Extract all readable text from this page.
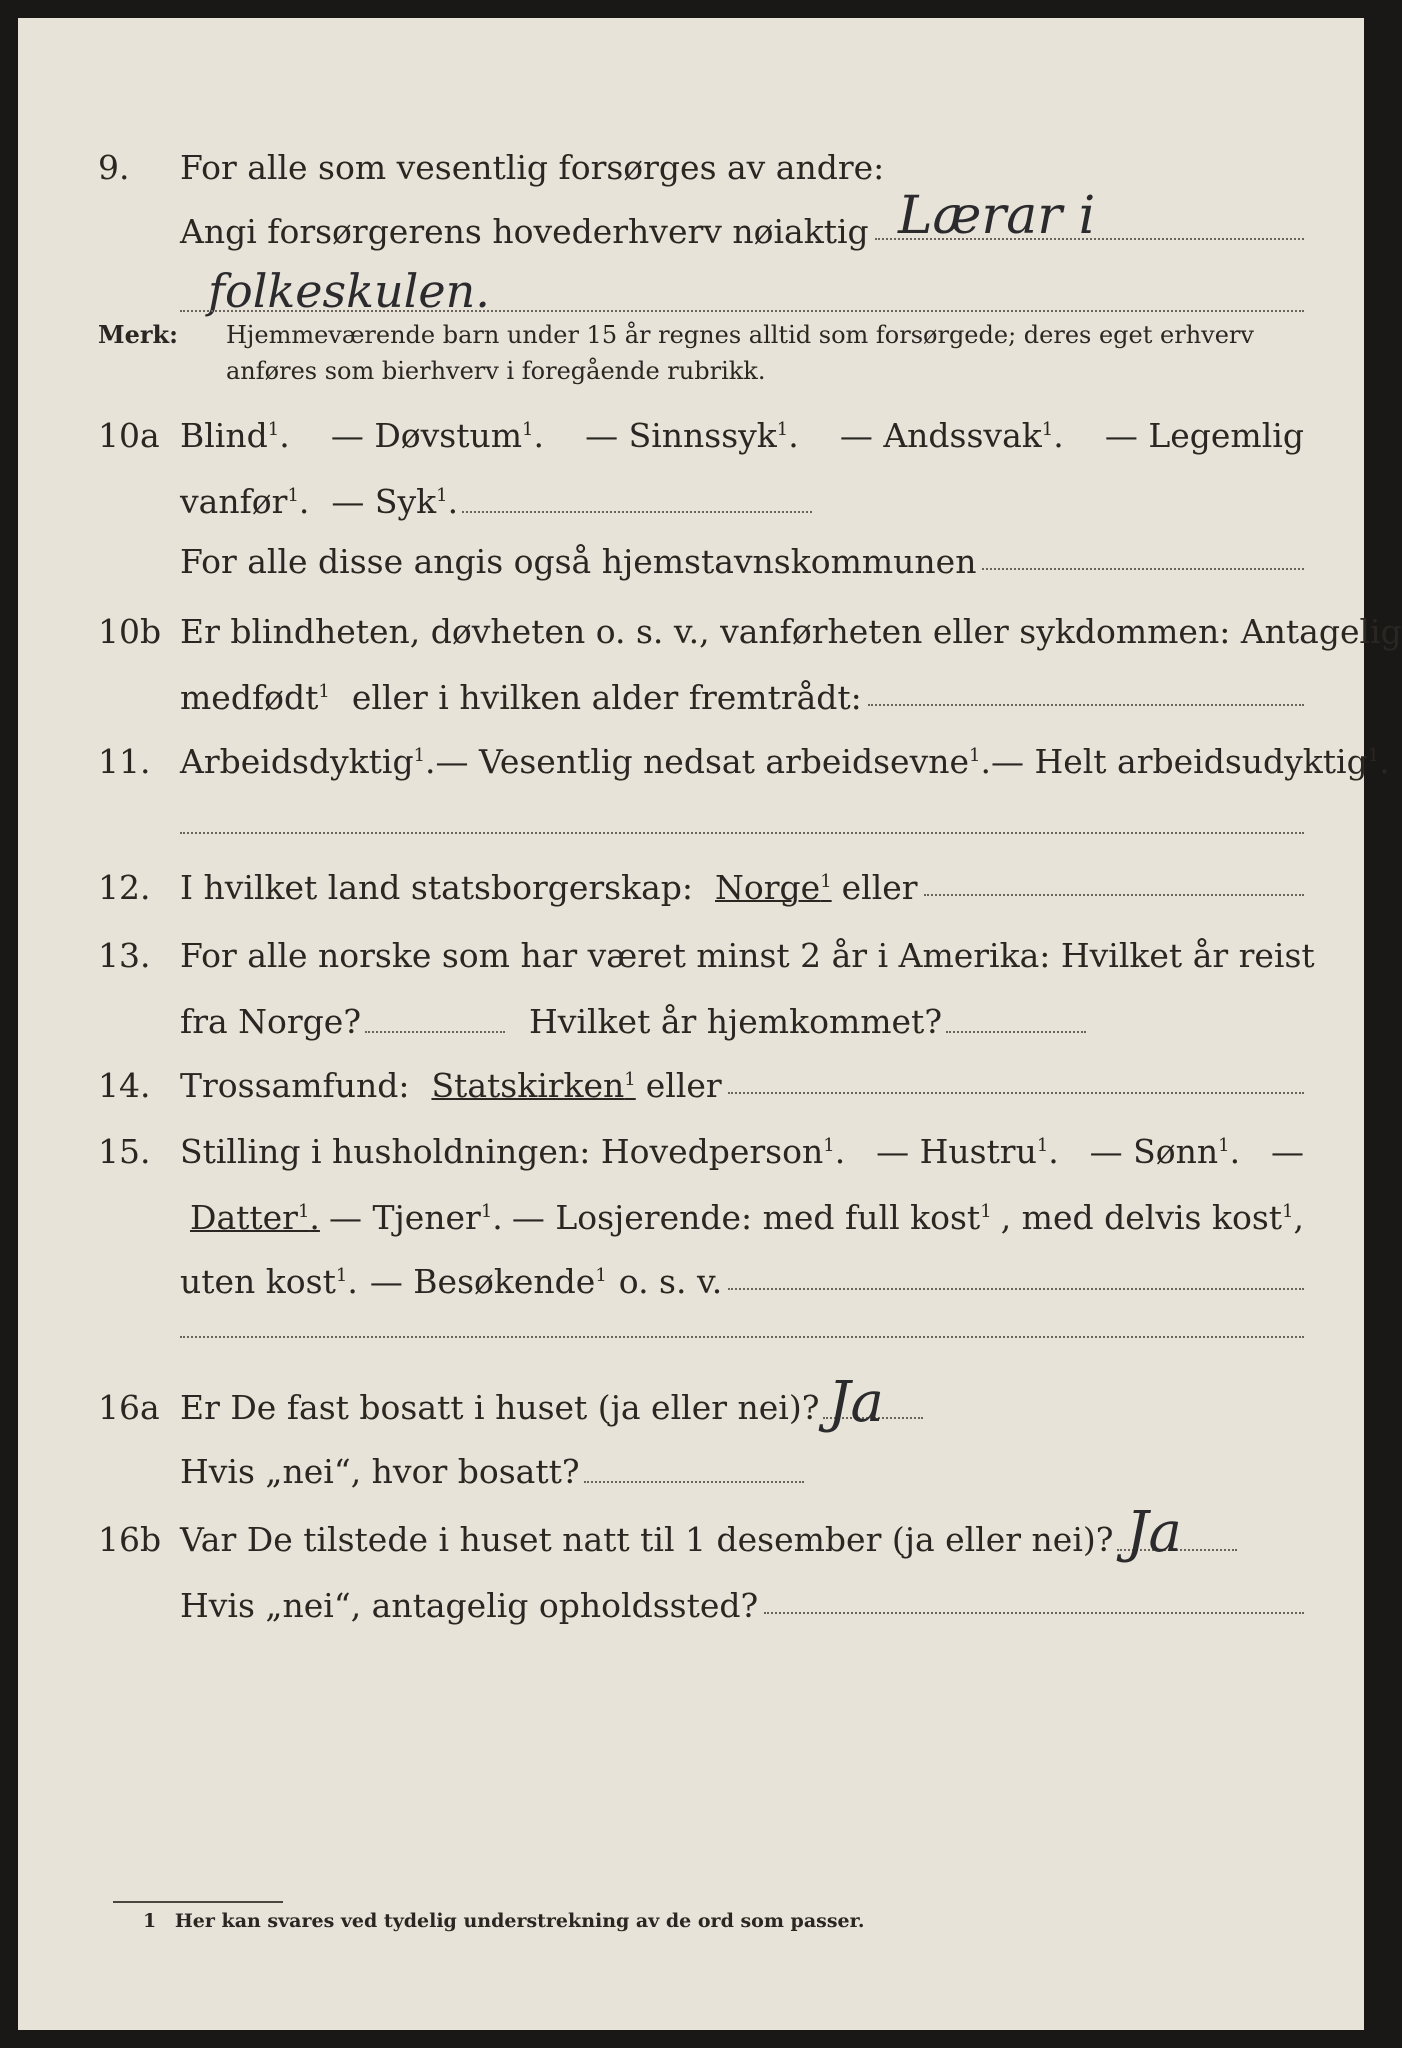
9. For alle som vesentlig forsørges av andre:
Angi forsørgerens hovederhverv nøiaktig Lærar i
folkeskulen.
Merk: Hjemmeværende barn under 15 år regnes alltid som forsørgede; deres eget erhverv
anføres som bierhverv i foregående rubrikk.
10a Blind$^1$. — Døvstum$^1$. — Sinnssyk$^1$. — Andssvak$^1$. — Legemlig
vanfør$^1$. — Syk$^1$.
For alle disse angis også hjemstavnskommunen
10b Er blindheten, døvheten o. s. v., vanførheten eller sykdommen: Antagelig
medfødt$^1$ eller i hvilken alder fremtrådt:
11. Arbeidsdyktig$^1$. — Vesentlig nedsat arbeidsevne$^1$. — Helt arbeidsudyktig$^1$.
12. I hvilket land statsborgerskap: Norge$^1$ eller
13. For alle norske som har været minst 2 år i Amerika: Hvilket år reist
fra Norge?	Hvilket år hjemkommet?
14. Trossamfund: Statskirken$^1$ eller
15. Stilling i husholdningen: Hovedperson$^1$. — Hustru$^1$. — Sønn$^1$. —
Datter$^1$. — Tjener$^1$. — Losjerende: med full kost$^1$ , med delvis kost$^1$,
uten kost$^1$. — Besøkende$^1$ o. s. v.
16a Er De fast bosatt i huset (ja eller nei)? Ja
Hvis „nei“, hvor bosatt?
16b Var De tilstede i huset natt til 1 desember (ja eller nei)? Ja
Hvis „nei“, antagelig opholdssted?
1 Her kan svares ved tydelig understrekning av de ord som passer.
